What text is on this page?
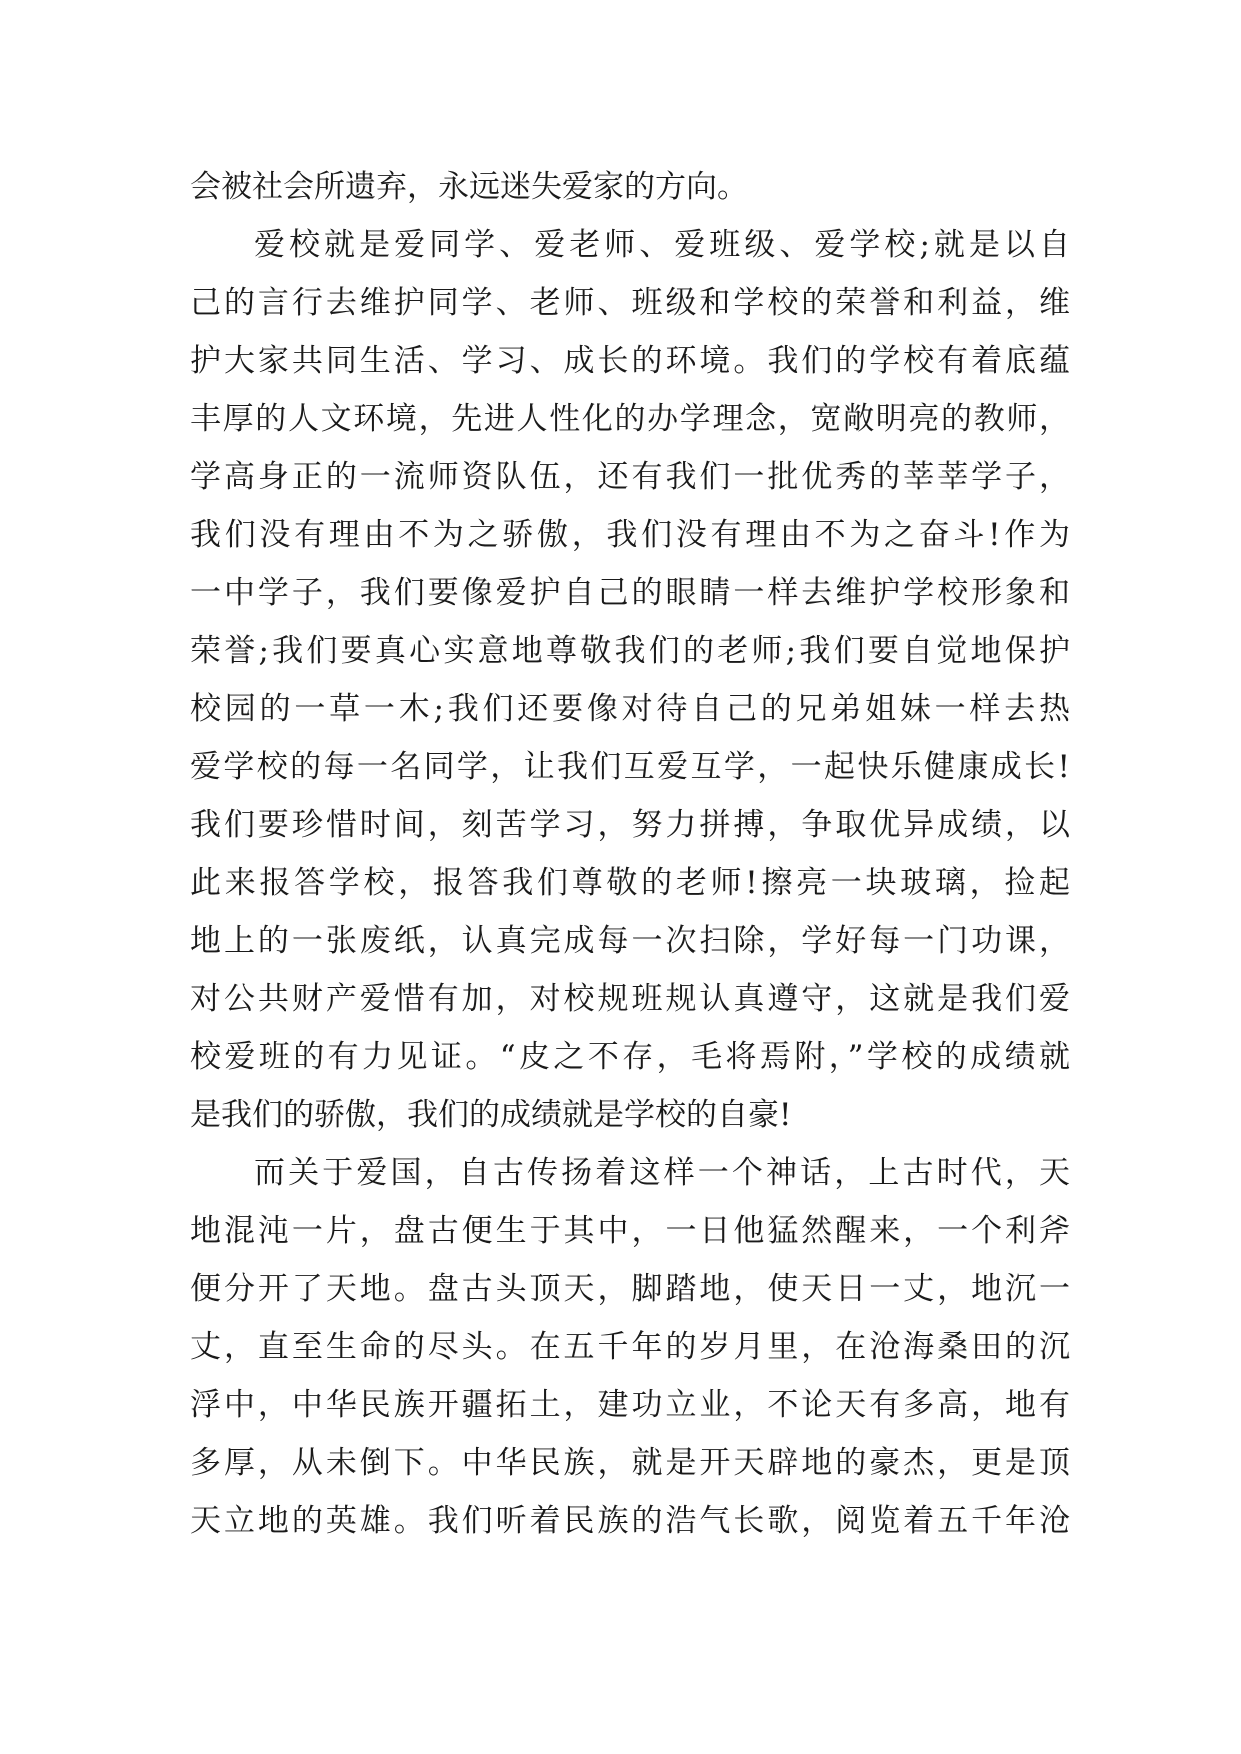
会被社会所遗弃，永远迷失爱家的方向。
爱校就是爱同学、爱老师、爱班级、爱学校;就是以自
己的言行去维护同学、老师、班级和学校的荣誉和利益，维
护大家共同生活、学习、成长的环境。我们的学校有着底蕴
丰厚的人文环境，先进人性化的办学理念，宽敞明亮的教师，
学高身正的一流师资队伍，还有我们一批优秀的莘莘学子，
我们没有理由不为之骄傲，我们没有理由不为之奋斗!作为
一中学子，我们要像爱护自己的眼睛一样去维护学校形象和
荣誉;我们要真心实意地尊敬我们的老师;我们要自觉地保护
校园的一草一木;我们还要像对待自己的兄弟姐妹一样去热
爱学校的每一名同学，让我们互爱互学，一起快乐健康成长!
我们要珍惜时间，刻苦学习，努力拼搏，争取优异成绩，以
此来报答学校，报答我们尊敬的老师!擦亮一块玻璃，捡起
地上的一张废纸，认真完成每一次扫除，学好每一门功课，
对公共财产爱惜有加，对校规班规认真遵守，这就是我们爱
校爱班的有力见证。“皮之不存，毛将焉附，”学校的成绩就
是我们的骄傲，我们的成绩就是学校的自豪!
而关于爱国，自古传扬着这样一个神话，上古时代，天
地混沌一片，盘古便生于其中，一日他猛然醒来，一个利斧
便分开了天地。盘古头顶天，脚踏地，使天日一丈，地沉一
丈，直至生命的尽头。在五千年的岁月里，在沧海桑田的沉
浮中，中华民族开疆拓土，建功立业，不论天有多高，地有
多厚，从未倒下。中华民族，就是开天辟地的豪杰，更是顶
天立地的英雄。我们听着民族的浩气长歌，阅览着五千年沧
